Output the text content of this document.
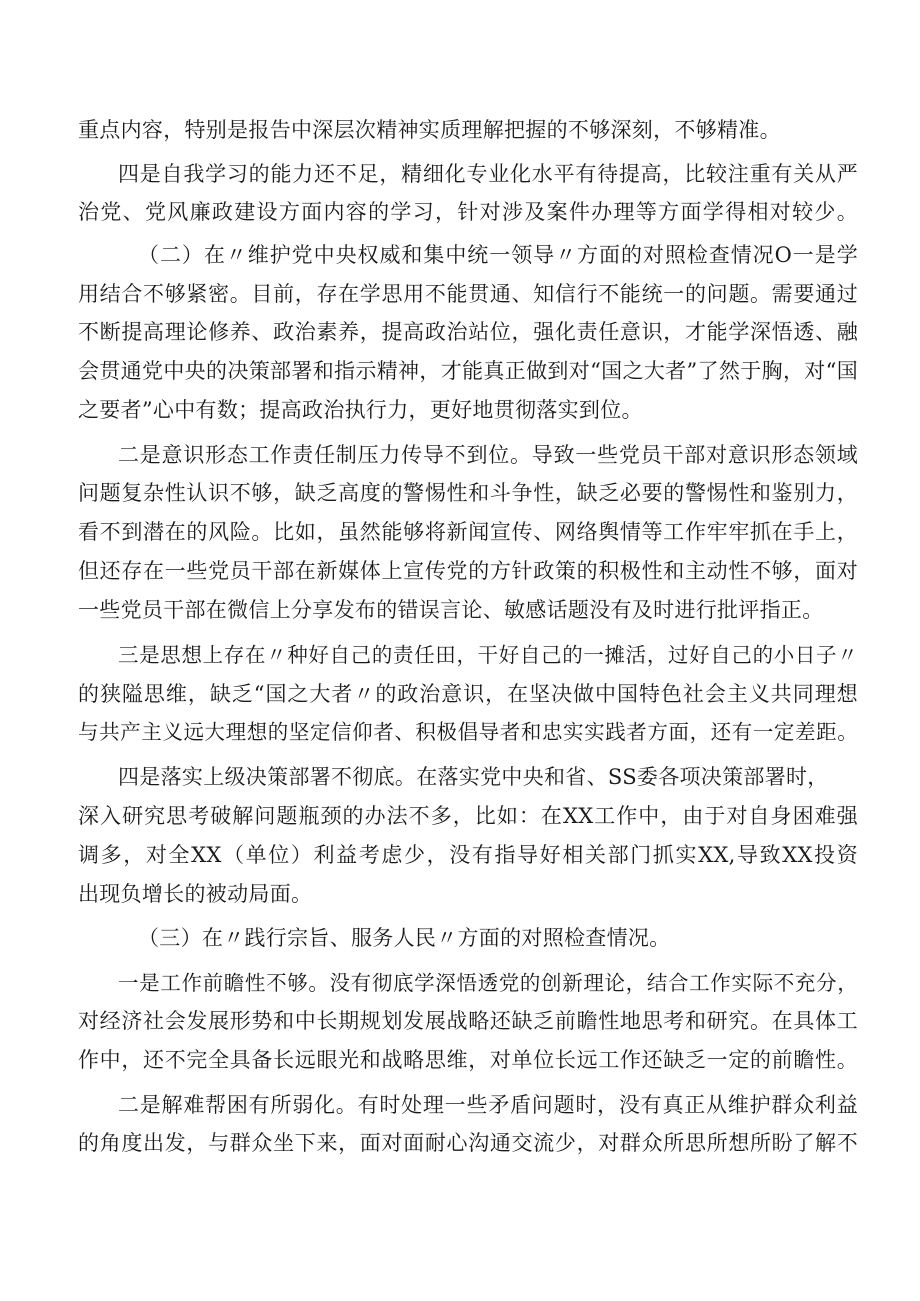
重点内容，特别是报告中深层次精神实质理解把握的不够深刻，不够精准。
四是自我学习的能力还不足，精细化专业化水平有待提高，比较注重有关从严
治党、党风廉政建设方面内容的学习，针对涉及案件办理等方面学得相对较少。
（二）在〃维护党中央权威和集中统一领导〃方面的对照检查情况O一是学
用结合不够紧密。目前，存在学思用不能贯通、知信行不能统一的问题。需要通过
不断提高理论修养、政治素养，提高政治站位，强化责任意识，才能学深悟透、融
会贯通党中央的决策部署和指示精神，才能真正做到对“国之大者”了然于胸，对“国
之要者”心中有数；提高政治执行力，更好地贯彻落实到位。
二是意识形态工作责任制压力传导不到位。导致一些党员干部对意识形态领域
问题复杂性认识不够，缺乏高度的警惕性和斗争性，缺乏必要的警惕性和鉴别力，
看不到潜在的风险。比如，虽然能够将新闻宣传、网络舆情等工作牢牢抓在手上，
但还存在一些党员干部在新媒体上宣传党的方针政策的积极性和主动性不够，面对
一些党员干部在微信上分享发布的错误言论、敏感话题没有及时进行批评指正。
三是思想上存在〃种好自己的责任田，干好自己的一摊活，过好自己的小日子〃
的狭隘思维，缺乏“国之大者〃的政治意识，在坚决做中国特色社会主义共同理想
与共产主义远大理想的坚定信仰者、积极倡导者和忠实实践者方面，还有一定差距。
四是落实上级决策部署不彻底。在落实党中央和省、SS委各项决策部署时，
深入研究思考破解问题瓶颈的办法不多，比如：在XX工作中，由于对自身困难强
调多，对全XX（单位）利益考虑少，没有指导好相关部门抓实XX,导致XX投资
出现负增长的被动局面。
（三）在〃践行宗旨、服务人民〃方面的对照检查情况。
一是工作前瞻性不够。没有彻底学深悟透党的创新理论，结合工作实际不充分，
对经济社会发展形势和中长期规划发展战略还缺乏前瞻性地思考和研究。在具体工
作中，还不完全具备长远眼光和战略思维，对单位长远工作还缺乏一定的前瞻性。
二是解难帮困有所弱化。有时处理一些矛盾问题时，没有真正从维护群众利益
的角度出发，与群众坐下来，面对面耐心沟通交流少，对群众所思所想所盼了解不
